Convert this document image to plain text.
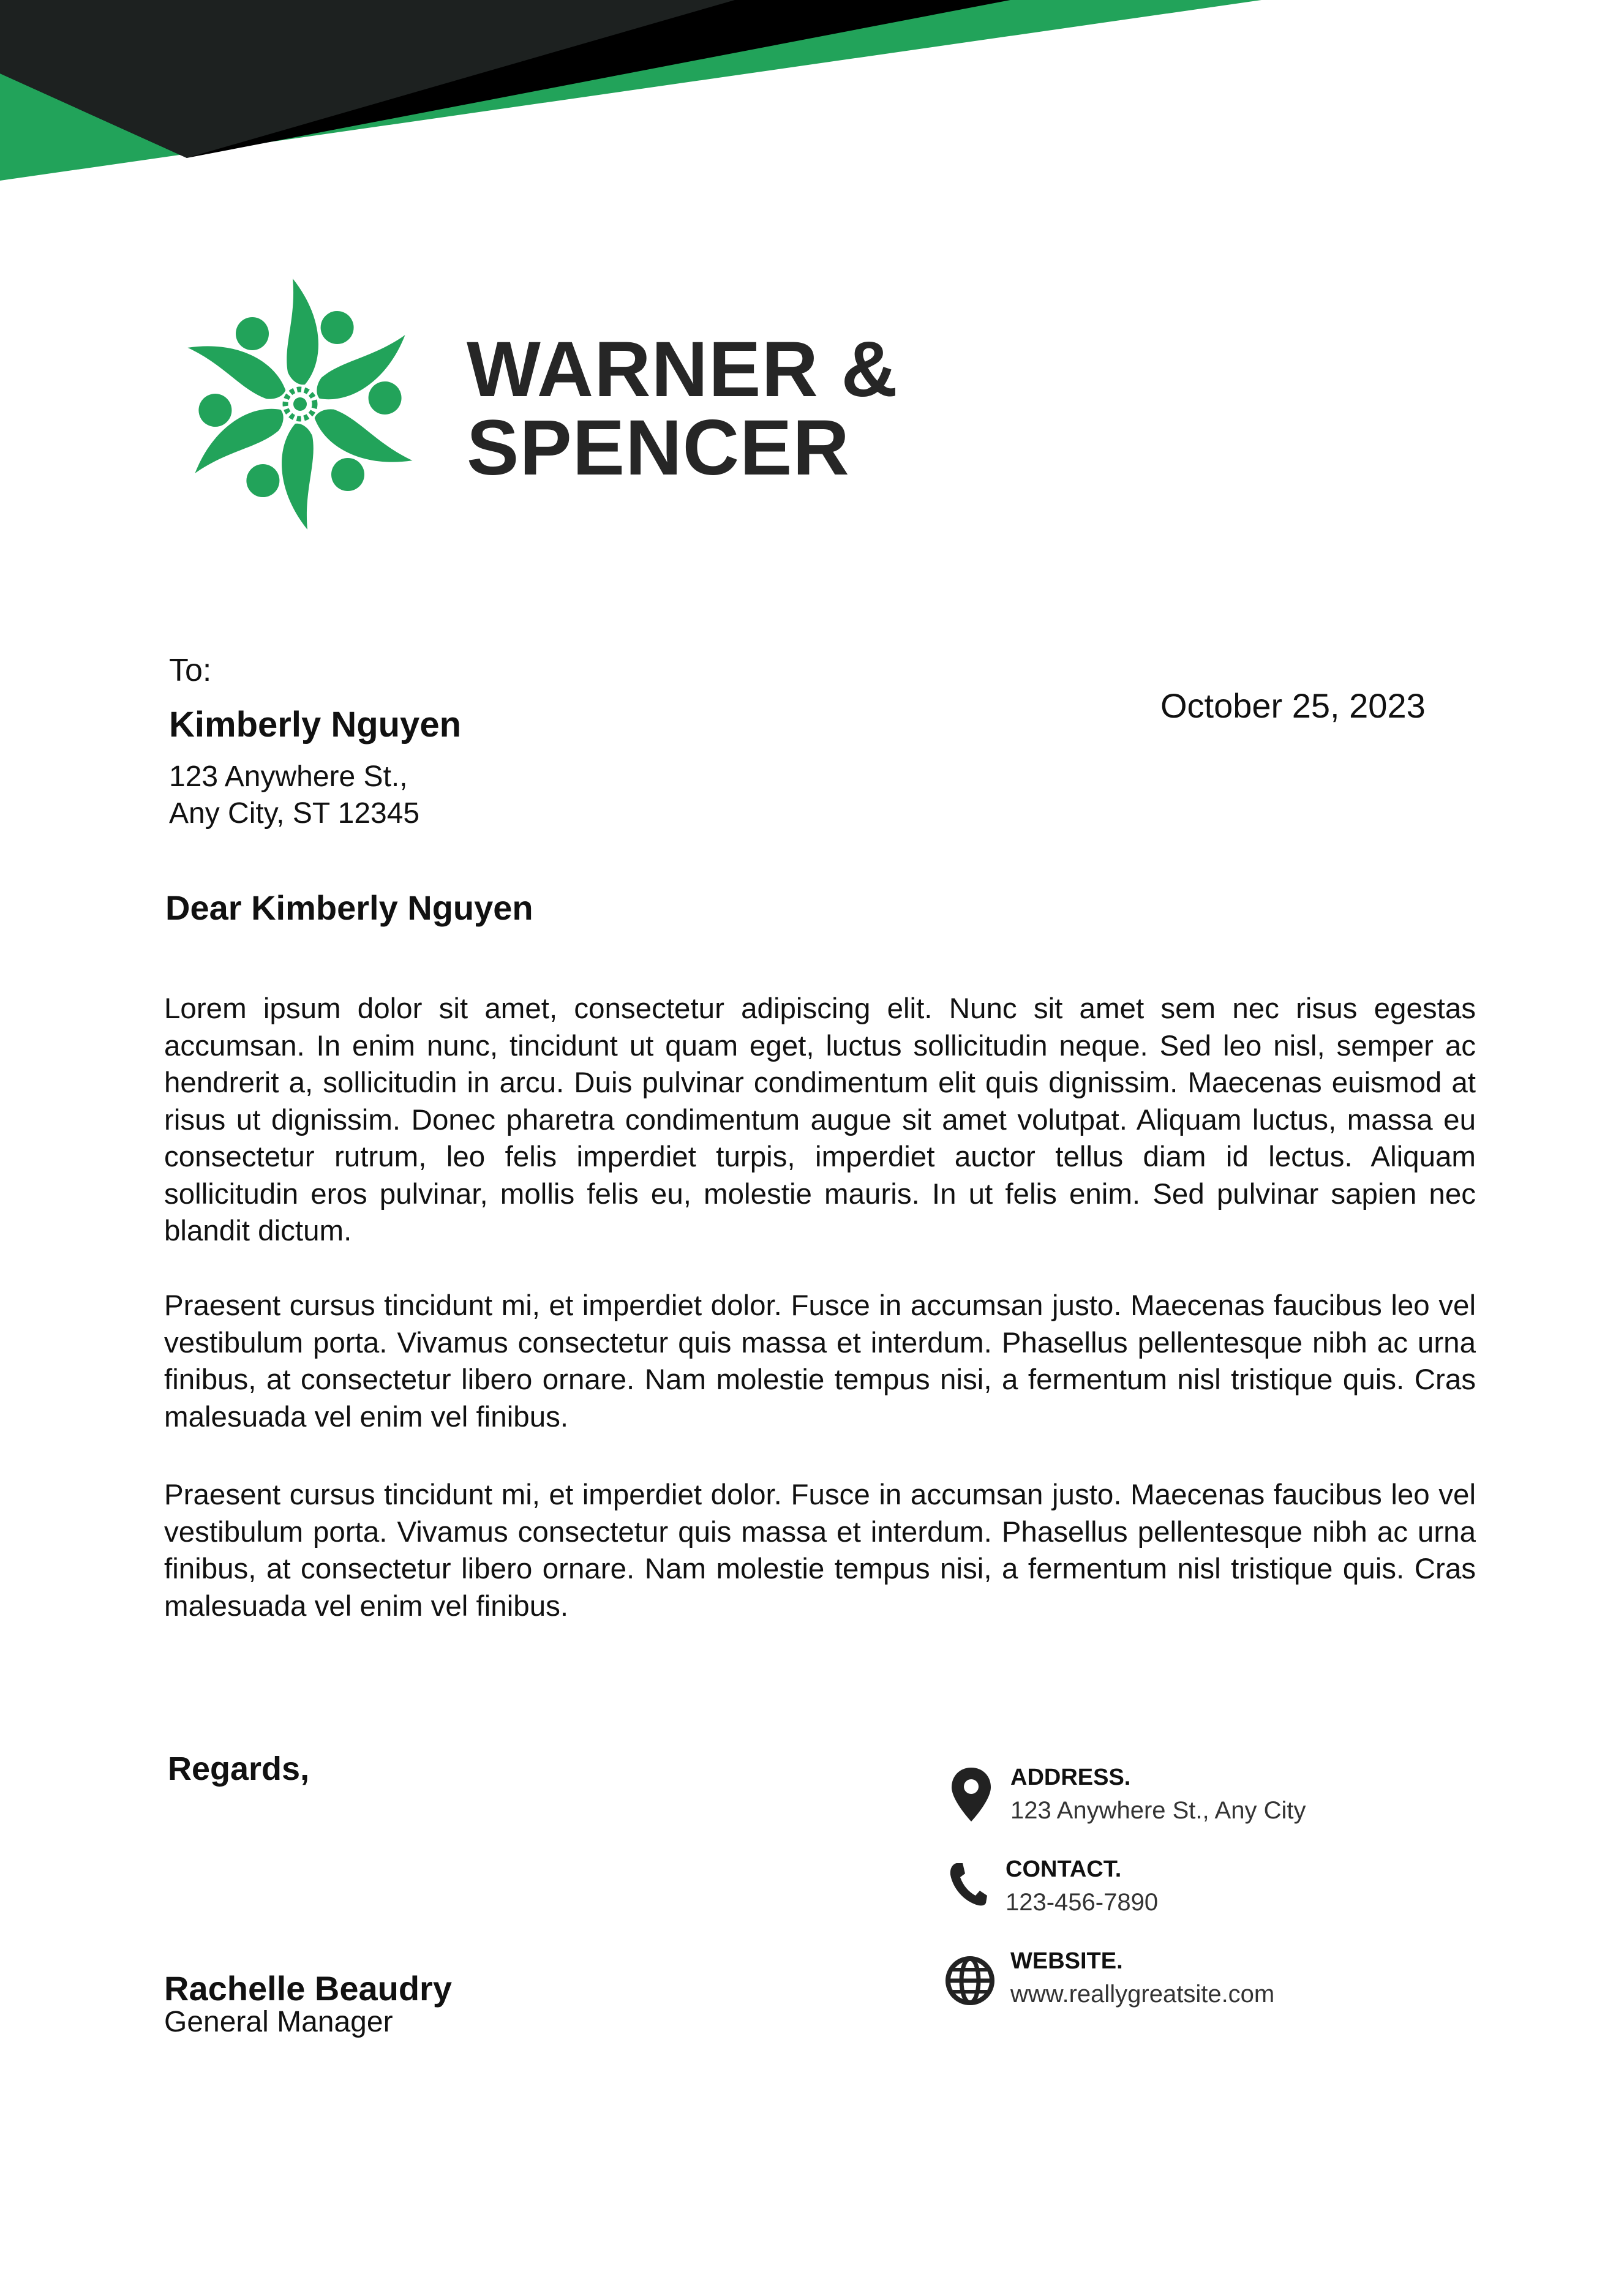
WARNER &
SPENCER
To:
Kimberly Nguyen
123 Anywhere St.,
Any City, ST 12345
October 25, 2023
Dear Kimberly Nguyen
Lorem ipsum dolor sit amet, consectetur adipiscing elit. Nunc sit amet sem nec risus egestas accumsan. In enim nunc, tincidunt ut quam eget, luctus sollicitudin neque. Sed leo nisl, semper ac hendrerit a, sollicitudin in arcu. Duis pulvinar condimentum elit quis dignissim. Maecenas euismod at risus ut dignissim. Donec pharetra condimentum augue sit amet volutpat. Aliquam luctus, massa eu consectetur rutrum, leo felis imperdiet turpis, imperdiet auctor tellus diam id lectus. Aliquam sollicitudin eros pulvinar, mollis felis eu, molestie mauris. In ut felis enim. Sed pulvinar sapien nec blandit dictum.
Praesent cursus tincidunt mi, et imperdiet dolor. Fusce in accumsan justo. Maecenas faucibus leo vel vestibulum porta. Vivamus consectetur quis massa et interdum. Phasellus pellentesque nibh ac urna finibus, at consectetur libero ornare. Nam molestie tempus nisi, a fermentum nisl tristique quis. Cras malesuada vel enim vel finibus.
Praesent cursus tincidunt mi, et imperdiet dolor. Fusce in accumsan justo. Maecenas faucibus leo vel vestibulum porta. Vivamus consectetur quis massa et interdum. Phasellus pellentesque nibh ac urna finibus, at consectetur libero ornare. Nam molestie tempus nisi, a fermentum nisl tristique quis. Cras malesuada vel enim vel finibus.
Regards,
Rachelle Beaudry
General Manager
ADDRESS.
123 Anywhere St., Any City
CONTACT.
123-456-7890
WEBSITE.
www.reallygreatsite.com
